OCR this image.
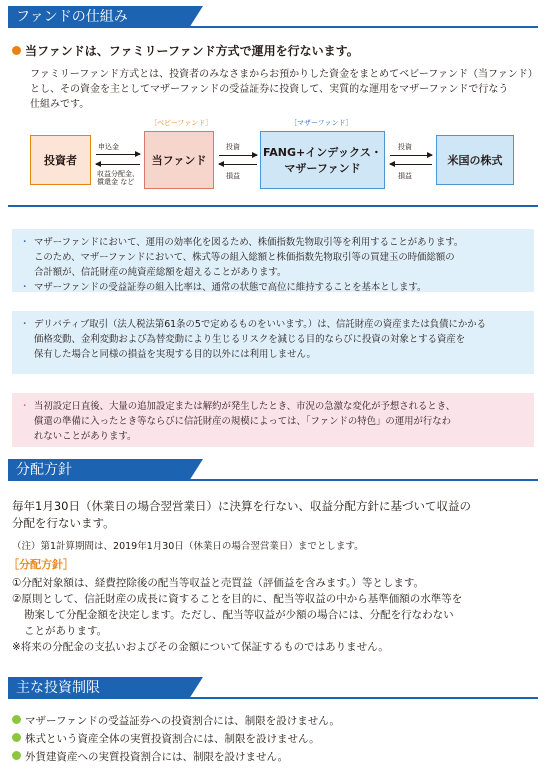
ファンドの仕組み
当ファンドは、ファミリーファンド方式で運用を行ないます。
ファミリーファンド方式とは、投資者のみなさまからお預かりした資金をまとめてベビーファンド（当ファンド）
とし、その資金を主としてマザーファンドの受益証券に投資して、実質的な運用をマザーファンドで行なう
仕組みです。
投資者
申込金
収益分配金、
償還金 など
［ベビーファンド］
当ファンド
投資
損益
［マザーファンド］
FANG+インデックス・
マザーファンド
投資
損益
米国の株式
・ マザーファンドにおいて、運用の効率化を図るため、株価指数先物取引等を利用することがあります。
このため、マザーファンドにおいて、株式等の組入総額と株価指数先物取引等の買建玉の時価総額の
合計額が、信託財産の純資産総額を超えることがあります。
・ マザーファンドの受益証券の組入比率は、通常の状態で高位に維持することを基本とします。
・ デリバティブ取引（法人税法第61条の5で定めるものをいいます。）は、信託財産の資産または負債にかかる
価格変動、金利変動および為替変動により生じるリスクを減じる目的ならびに投資の対象とする資産を
保有した場合と同様の損益を実現する目的以外には利用しません。
・ 当初設定日直後、大量の追加設定または解約が発生したとき、市況の急激な変化が予想されるとき、
償還の準備に入ったとき等ならびに信託財産の規模によっては、「ファンドの特色」の運用が行なわ
れないことがあります。
分配方針
毎年1月30日（休業日の場合翌営業日）に決算を行ない、収益分配方針に基づいて収益の
分配を行ないます。
（注）第1計算期間は、2019年1月30日（休業日の場合翌営業日）までとします。
［分配方針］
①分配対象額は、経費控除後の配当等収益と売買益（評価益を含みます。）等とします。
②原則として、信託財産の成長に資することを目的に、配当等収益の中から基準価額の水準等を
勘案して分配金額を決定します。ただし、配当等収益が少額の場合には、分配を行なわない
ことがあります。
※将来の分配金の支払いおよびその金額について保証するものではありません。
主な投資制限
マザーファンドの受益証券への投資割合には、制限を設けません。
株式という資産全体の実質投資割合には、制限を設けません。
外貨建資産への実質投資割合には、制限を設けません。
